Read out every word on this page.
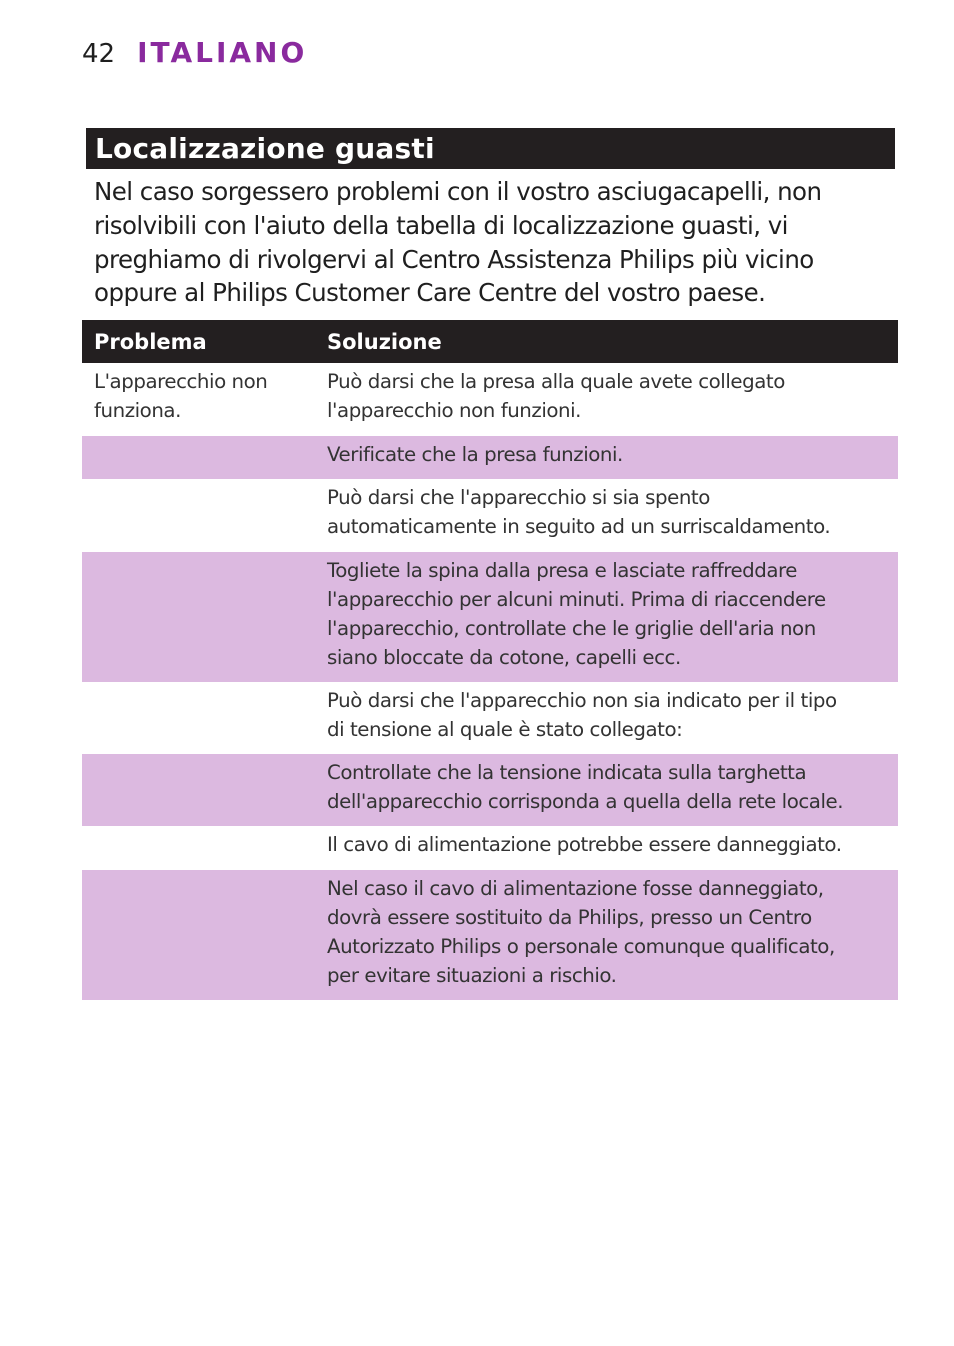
42 ITALIANO
Localizzazione guasti

Nel caso sorgessero problemi con il vostro asciugacapelli, non
risolvibili con l'aiuto della tabella di localizzazione guasti, vi
preghiamo di rivolgervi al Centro Assistenza Philips più vicino
oppure al Philips Customer Care Centre del vostro paese.

Problema	Soluzione
L'apparecchio non
funziona.
Può darsi che la presa alla quale avete collegato
l'apparecchio non funzioni.
Verificate che la presa funzioni.
Può darsi che l'apparecchio si sia spento
automaticamente in seguito ad un surriscaldamento.
Togliete la spina dalla presa e lasciate raffreddare
l'apparecchio per alcuni minuti. Prima di riaccendere
l'apparecchio, controllate che le griglie dell'aria non
siano bloccate da cotone, capelli ecc.
Può darsi che l'apparecchio non sia indicato per il tipo
di tensione al quale è stato collegato:
Controllate che la tensione indicata sulla targhetta
dell'apparecchio corrisponda a quella della rete locale.
Il cavo di alimentazione potrebbe essere danneggiato.
Nel caso il cavo di alimentazione fosse danneggiato,
dovrà essere sostituito da Philips, presso un Centro
Autorizzato Philips o personale comunque qualificato,
per evitare situazioni a rischio.
